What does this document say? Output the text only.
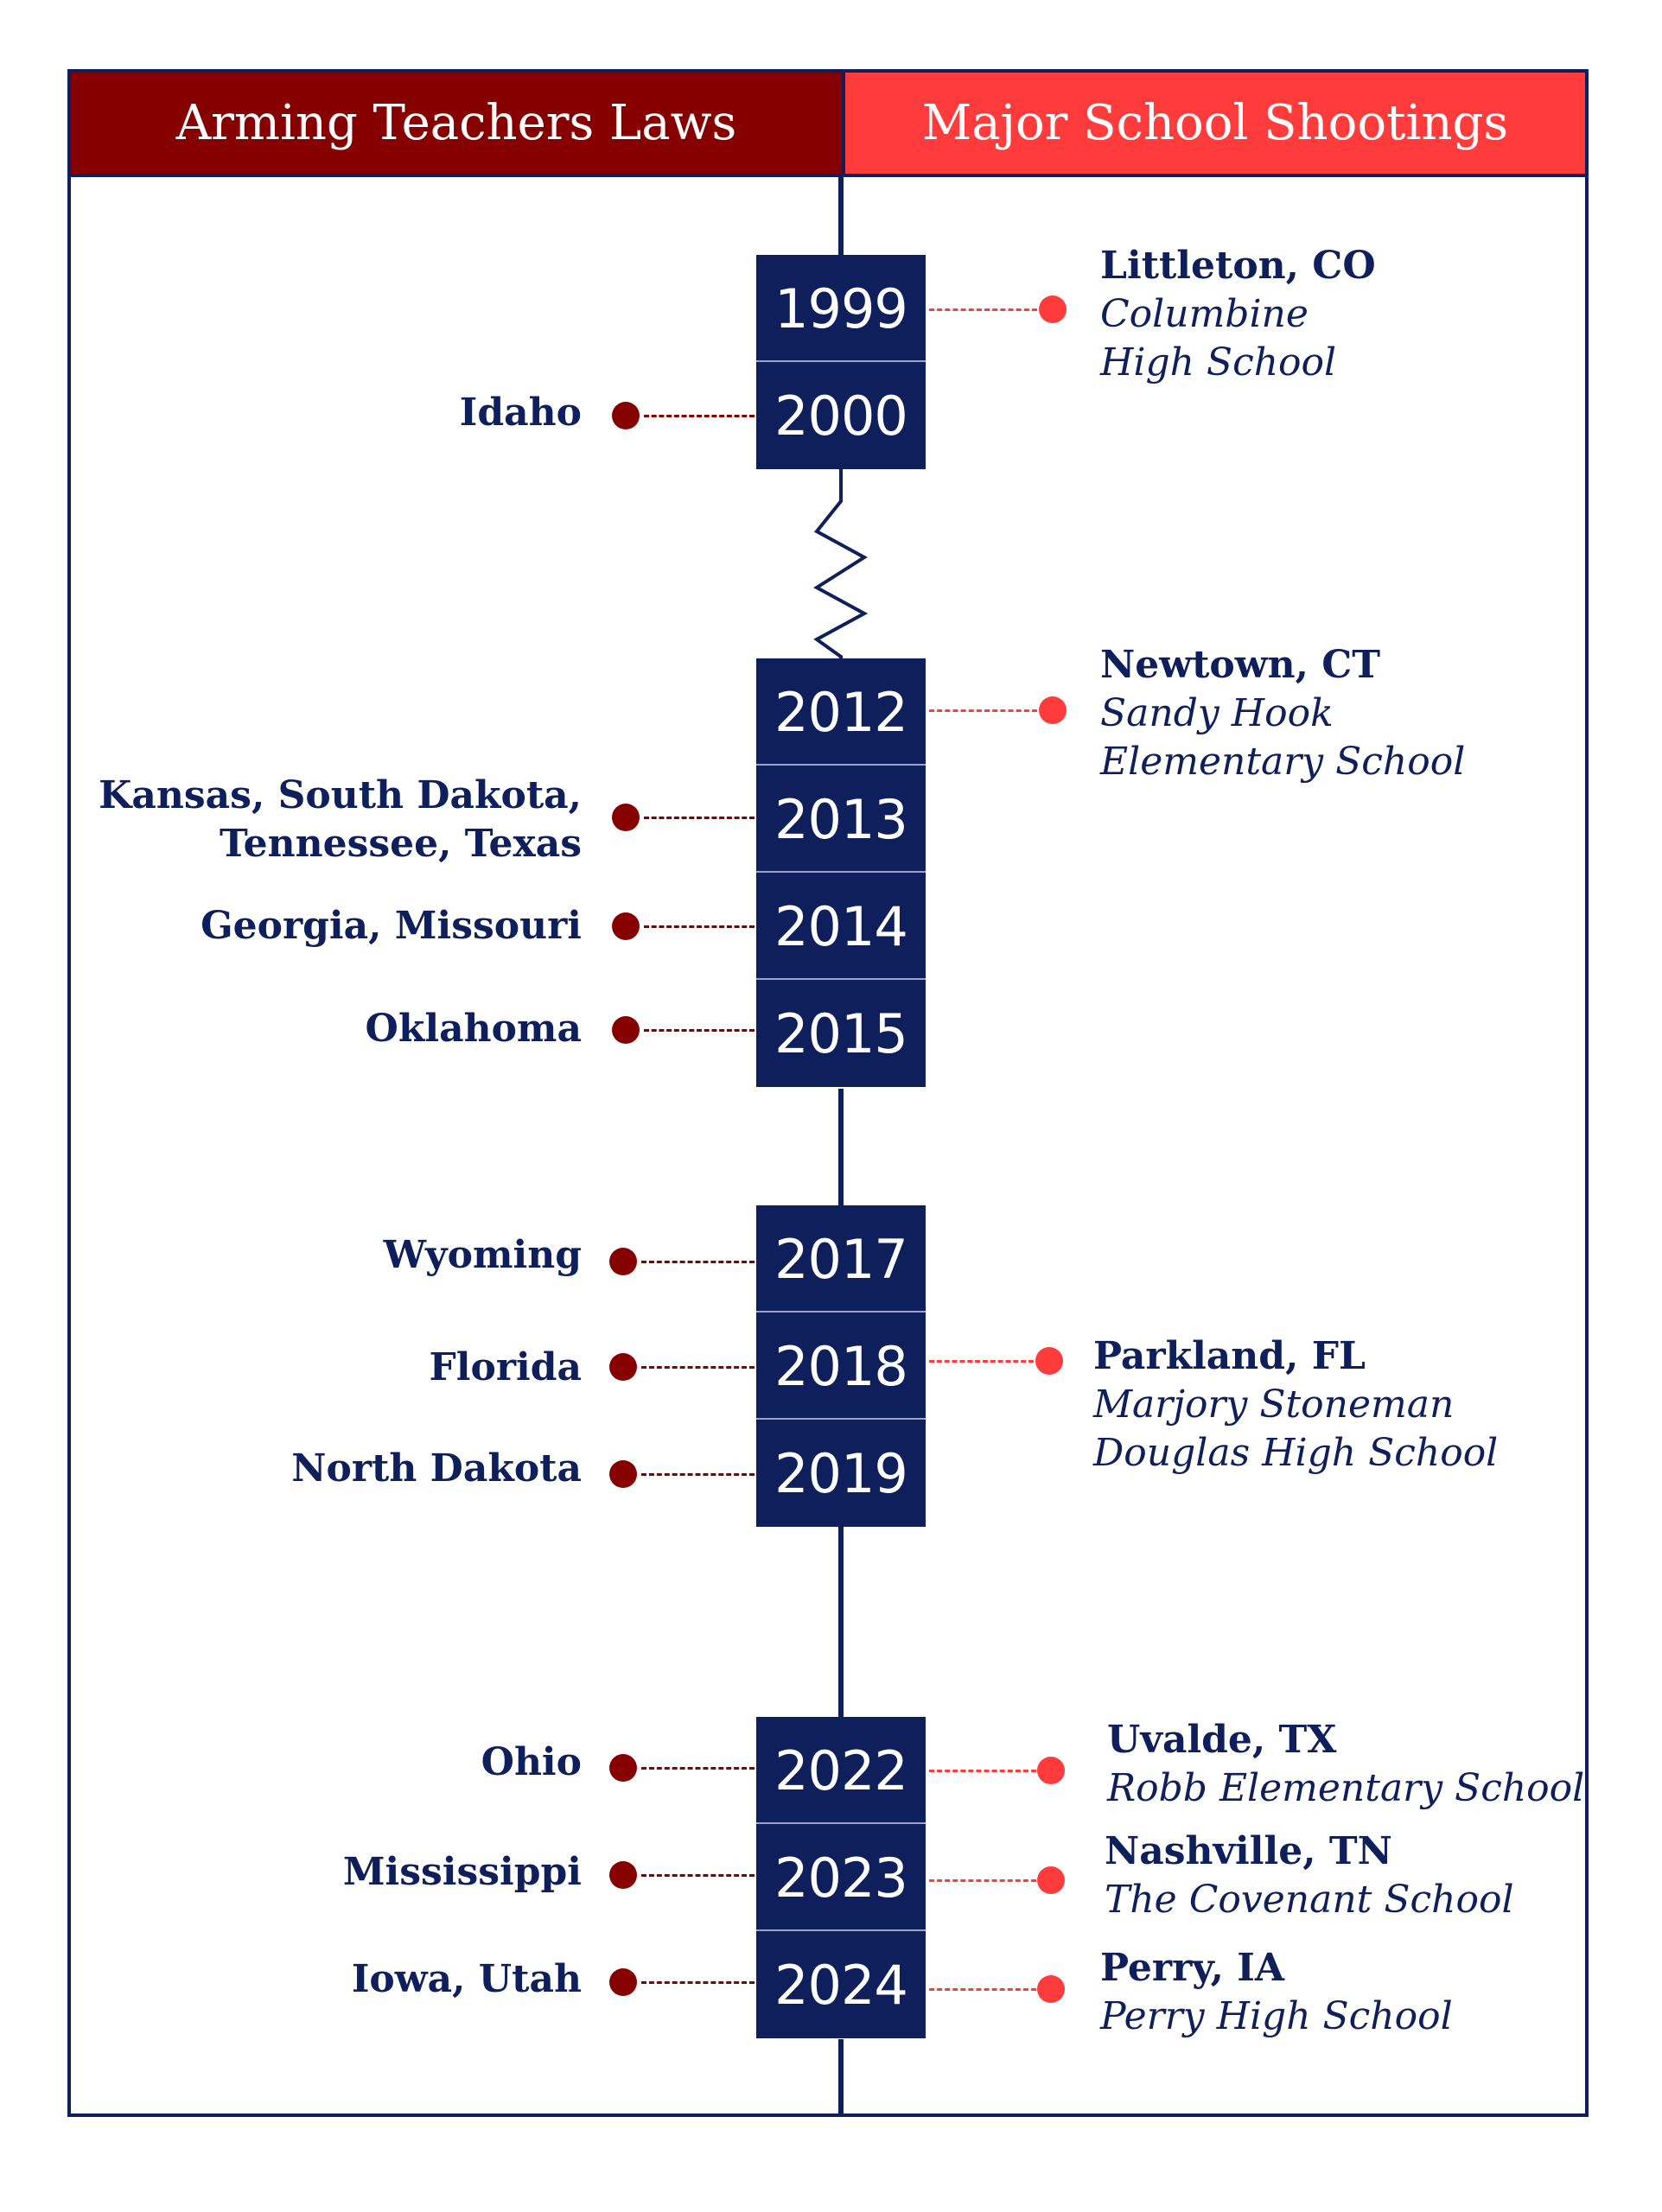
Arming Teachers Laws	Major School Shootings
1999
2000
2012
2013
2014
2015
2017
2018
2019
2022
2023
2024
Idaho
Kansas, South Dakota,
Tennessee, Texas
Georgia, Missouri
Oklahoma
Wyoming
Florida
North Dakota
Ohio
Mississippi
Iowa, Utah
Littleton, CO
Columbine
High School
Newtown, CT
Sandy Hook
Elementary School
Parkland, FL
Marjory Stoneman
Douglas High School
Uvalde, TX
Robb Elementary School
Nashville, TN
The Covenant School
Perry, IA
Perry High School
